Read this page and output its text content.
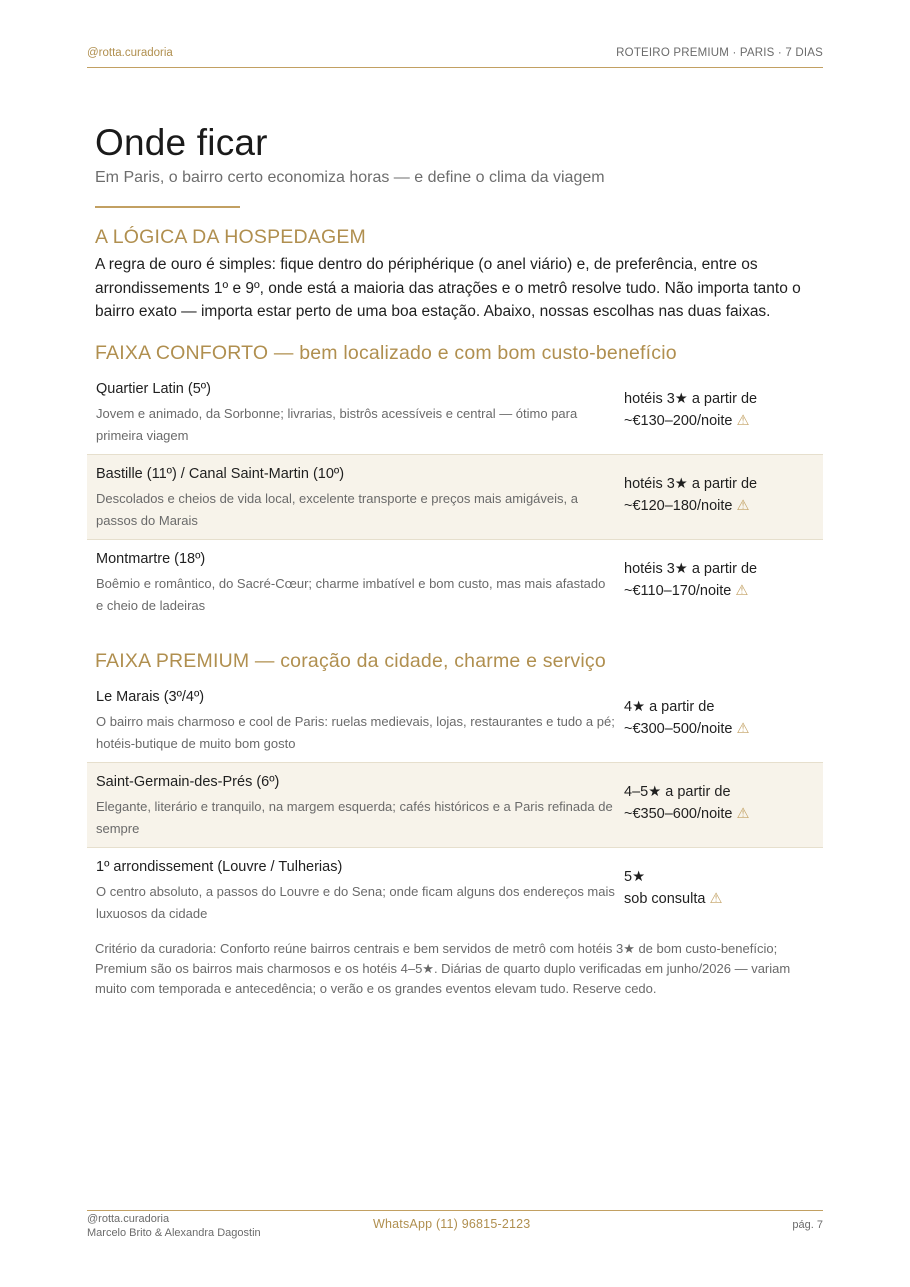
@rotta.curadoria	ROTEIRO PREMIUM · PARIS · 7 DIAS
Onde ficar
Em Paris, o bairro certo economiza horas — e define o clima da viagem
A LÓGICA DA HOSPEDAGEM

A regra de ouro é simples: fique dentro do périphérique (o anel viário) e, de preferência, entre os arrondissements 1º e 9º, onde está a maioria das atrações e o metrô resolve tudo. Não importa tanto o bairro exato — importa estar perto de uma boa estação. Abaixo, nossas escolhas nas duas faixas.

FAIXA CONFORTO — bem localizado e com bom custo-benefício
Quartier Latin (5º)
Jovem e animado, da Sorbonne; livrarias, bistrôs acessíveis e central — ótimo para primeira viagem
hotéis 3★ a partir de
~€130–200/noite ⚠
Bastille (11º) / Canal Saint-Martin (10º)
Descolados e cheios de vida local, excelente transporte e preços mais amigáveis, a passos do Marais
hotéis 3★ a partir de
~€120–180/noite ⚠
Montmartre (18º)
Boêmio e romântico, do Sacré-Cœur; charme imbatível e bom custo, mas mais afastado e cheio de ladeiras
hotéis 3★ a partir de
~€110–170/noite ⚠
FAIXA PREMIUM — coração da cidade, charme e serviço
Le Marais (3º/4º)
O bairro mais charmoso e cool de Paris: ruelas medievais, lojas, restaurantes e tudo a pé; hotéis-butique de muito bom gosto
4★ a partir de
~€300–500/noite ⚠
Saint-Germain-des-Prés (6º)
Elegante, literário e tranquilo, na margem esquerda; cafés históricos e a Paris refinada de sempre
4–5★ a partir de
~€350–600/noite ⚠
1º arrondissement (Louvre / Tulherias)
O centro absoluto, a passos do Louvre e do Sena; onde ficam alguns dos endereços mais luxuosos da cidade
5★
sob consulta ⚠

Critério da curadoria: Conforto reúne bairros centrais e bem servidos de metrô com hotéis 3★ de bom custo-benefício; Premium são os bairros mais charmosos e os hotéis 4–5★. Diárias de quarto duplo verificadas em junho/2026 — variam muito com temporada e antecedência; o verão e os grandes eventos elevam tudo. Reserve cedo.

@rotta.curadoria
Marcelo Brito & Alexandra Dagostin
WhatsApp (11) 96815-2123	pág. 7
